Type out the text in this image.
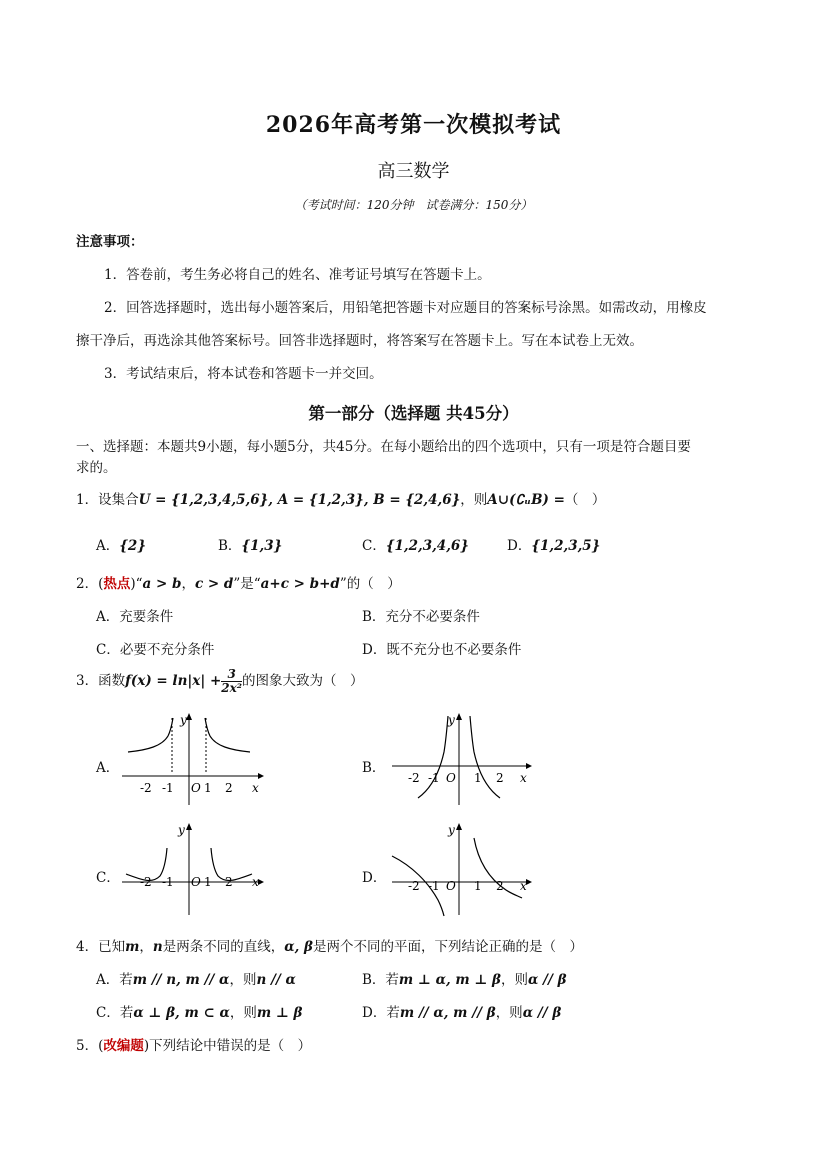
2026年高考第一次模拟考试
高三数学
（考试时间：120分钟　试卷满分：150分）
注意事项：
1．答卷前，考生务必将自己的姓名、准考证号填写在答题卡上。
2．回答选择题时，选出每小题答案后，用铅笔把答题卡对应题目的答案标号涂黑。如需改动，用橡皮
擦干净后，再选涂其他答案标号。回答非选择题时，将答案写在答题卡上。写在本试卷上无效。
3．考试结束后，将本试卷和答题卡一并交回。
第一部分（选择题 共45分）
一、选择题：本题共9小题，每小题5分，共45分。在每小题给出的四个选项中，只有一项是符合题目要
求的。
1．设集合U = {1,2,3,4,5,6}, A = {1,2,3}, B = {2,4,6}，则A∪(∁ᵤB) =（　）
A．{2}	B．{1,3}	C．{1,2,3,4,6}	D．{1,2,3,5}
2．(热点)“a > b，c > d”是“a+c > b+d”的（　）
A．充要条件	B．充分不必要条件
C．必要不充分条件	D．既不充分也不必要条件
3．函数$f(x) = \ln|x| + \frac{3}{\text{2x²}}$ 的图象大致为（　）
A．	B．
C．	D．
y
x
O
-2 -1	1 2
y
x
O
-2 -1	1 2
y
x
O
-2 -1	1 2
y
x
O
-2 -1	1 2
4．已知m，n是两条不同的直线，α, β是两个不同的平面，下列结论正确的是（　）
A．若m // n, m // α，则n // α	B．若m ⊥ α, m ⊥ β，则α // β
C．若α ⊥ β, m ⊂ α，则m ⊥ β	D．若m // α, m // β，则α // β
5．(改编题)下列结论中错误的是（　）
